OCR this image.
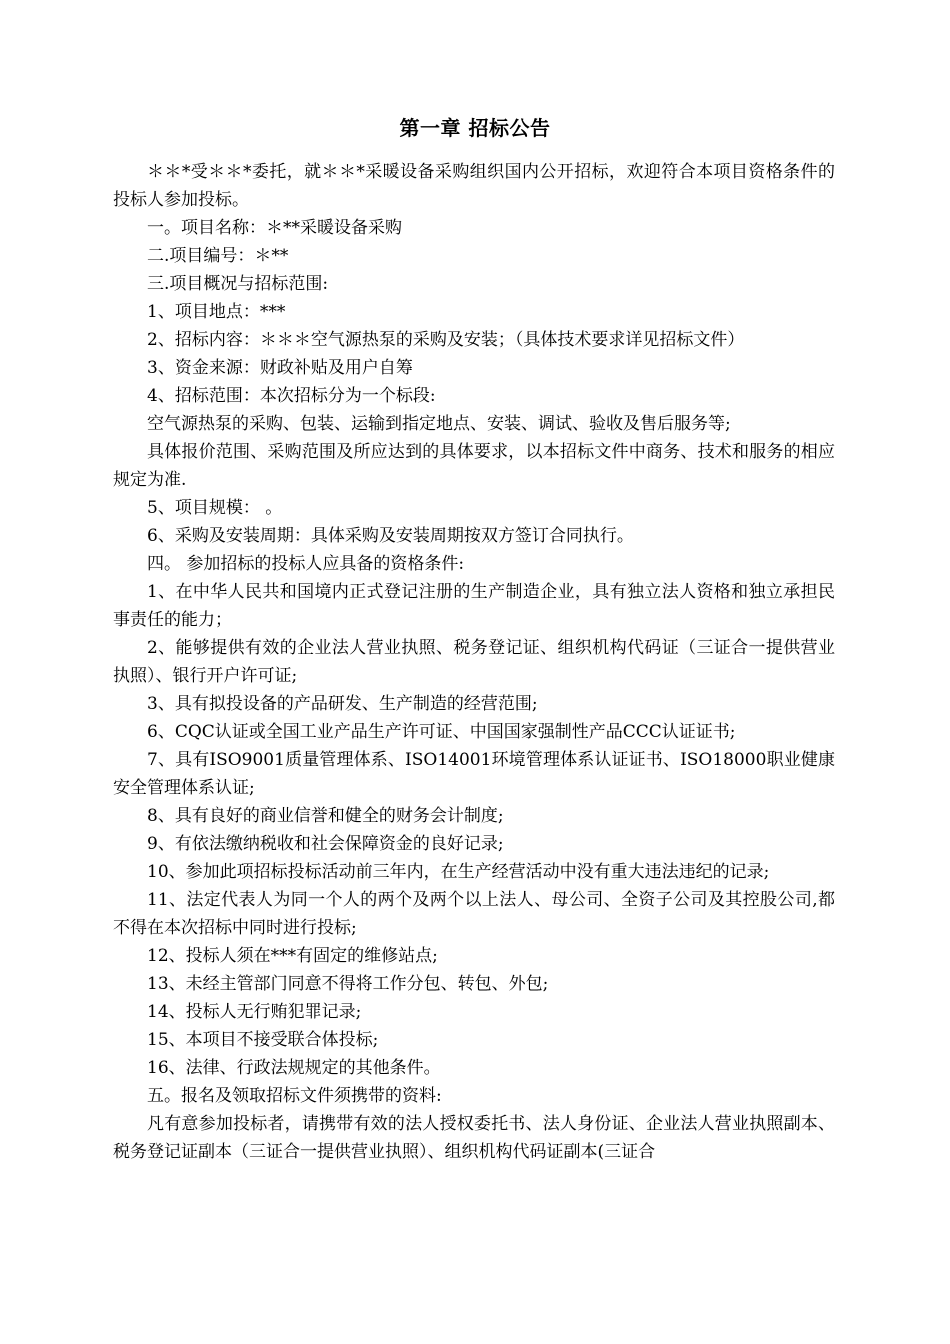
第一章 招标公告

＊＊*受＊＊*委托，就＊＊*采暖设备采购组织国内公开招标，欢迎符合本项目资格条件的投标人参加投标。

一。项目名称：＊**采暖设备采购

二.项目编号：＊**

三.项目概况与招标范围:

1、项目地点：***

2、招标内容：＊＊＊空气源热泵的采购及安装；（具体技术要求详见招标文件）

3、资金来源：财政补贴及用户自筹

4、招标范围：本次招标分为一个标段:

空气源热泵的采购、包装、运输到指定地点、安装、调试、验收及售后服务等;

具体报价范围、采购范围及所应达到的具体要求，以本招标文件中商务、技术和服务的相应规定为准.

5、项目规模： 。

6、采购及安装周期：具体采购及安装周期按双方签订合同执行。

四。 参加招标的投标人应具备的资格条件:

1、在中华人民共和国境内正式登记注册的生产制造企业，具有独立法人资格和独立承担民事责任的能力；

2、能够提供有效的企业法人营业执照、税务登记证、组织机构代码证（三证合一提供营业执照）、银行开户许可证;

3、具有拟投设备的产品研发、生产制造的经营范围;

6、CQC认证或全国工业产品生产许可证、中国国家强制性产品CCC认证证书;

7、具有ISO9001质量管理体系、ISO14001环境管理体系认证证书、ISO18000职业健康安全管理体系认证;

8、具有良好的商业信誉和健全的财务会计制度;

9、有依法缴纳税收和社会保障资金的良好记录;

10、参加此项招标投标活动前三年内，在生产经营活动中没有重大违法违纪的记录;

11、法定代表人为同一个人的两个及两个以上法人、母公司、全资子公司及其控股公司,都不得在本次招标中同时进行投标;

12、投标人须在***有固定的维修站点;

13、未经主管部门同意不得将工作分包、转包、外包;

14、投标人无行贿犯罪记录;

15、本项目不接受联合体投标;

16、法律、行政法规规定的其他条件。

五。报名及领取招标文件须携带的资料:

凡有意参加投标者，请携带有效的法人授权委托书、法人身份证、企业法人营业执照副本、税务登记证副本（三证合一提供营业执照）、组织机构代码证副本(三证合
